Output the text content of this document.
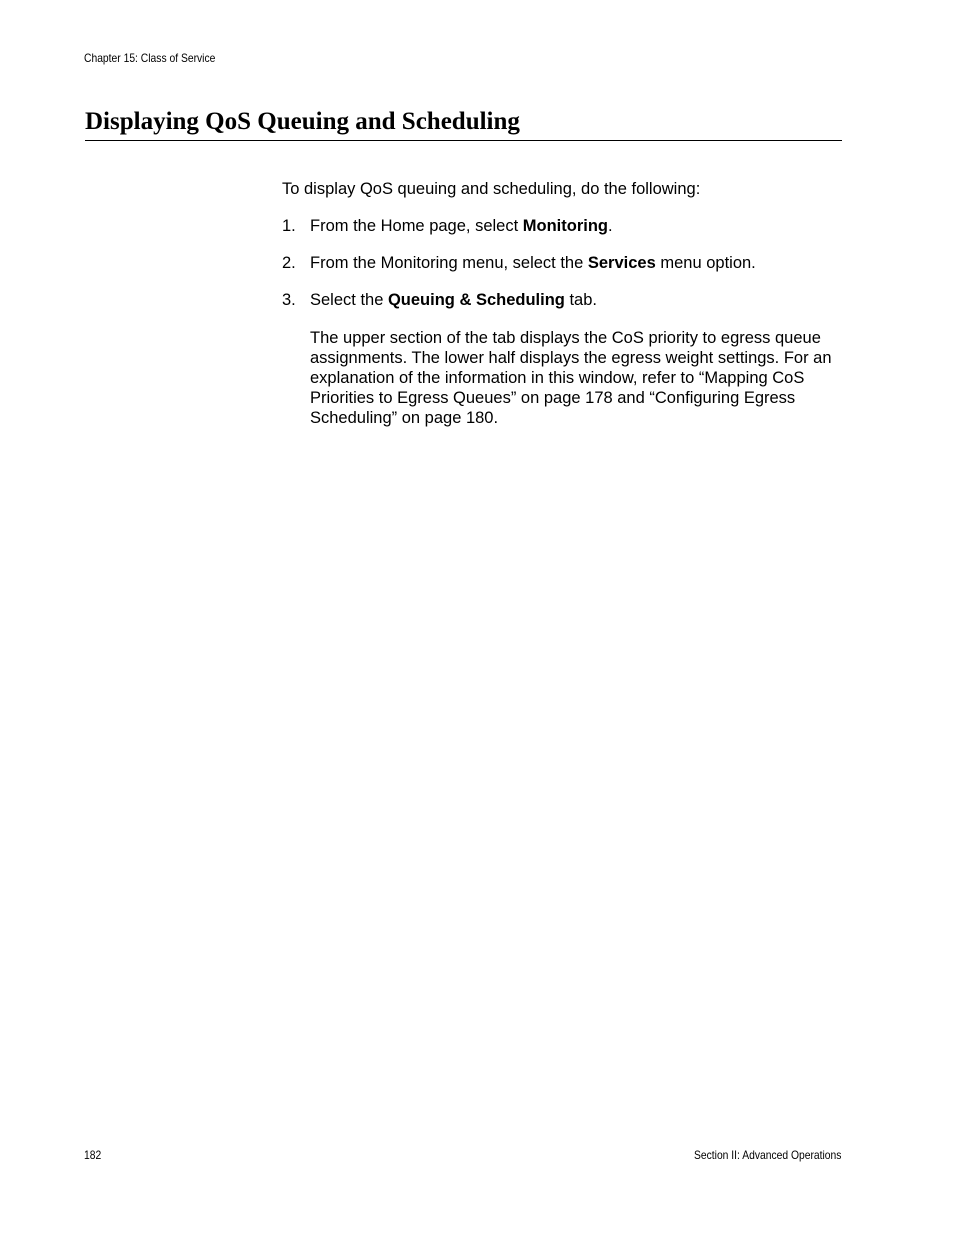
Chapter 15: Class of Service
Displaying QoS Queuing and Scheduling
To display QoS queuing and scheduling, do the following:
1. From the Home page, select Monitoring.
2. From the Monitoring menu, select the Services menu option.
3. Select the Queuing & Scheduling tab.

The upper section of the tab displays the CoS priority to egress queue assignments. The lower half displays the egress weight settings. For an explanation of the information in this window, refer to “Mapping CoS Priorities to Egress Queues” on page 178 and “Configuring Egress Scheduling” on page 180.

182	Section II: Advanced Operations
